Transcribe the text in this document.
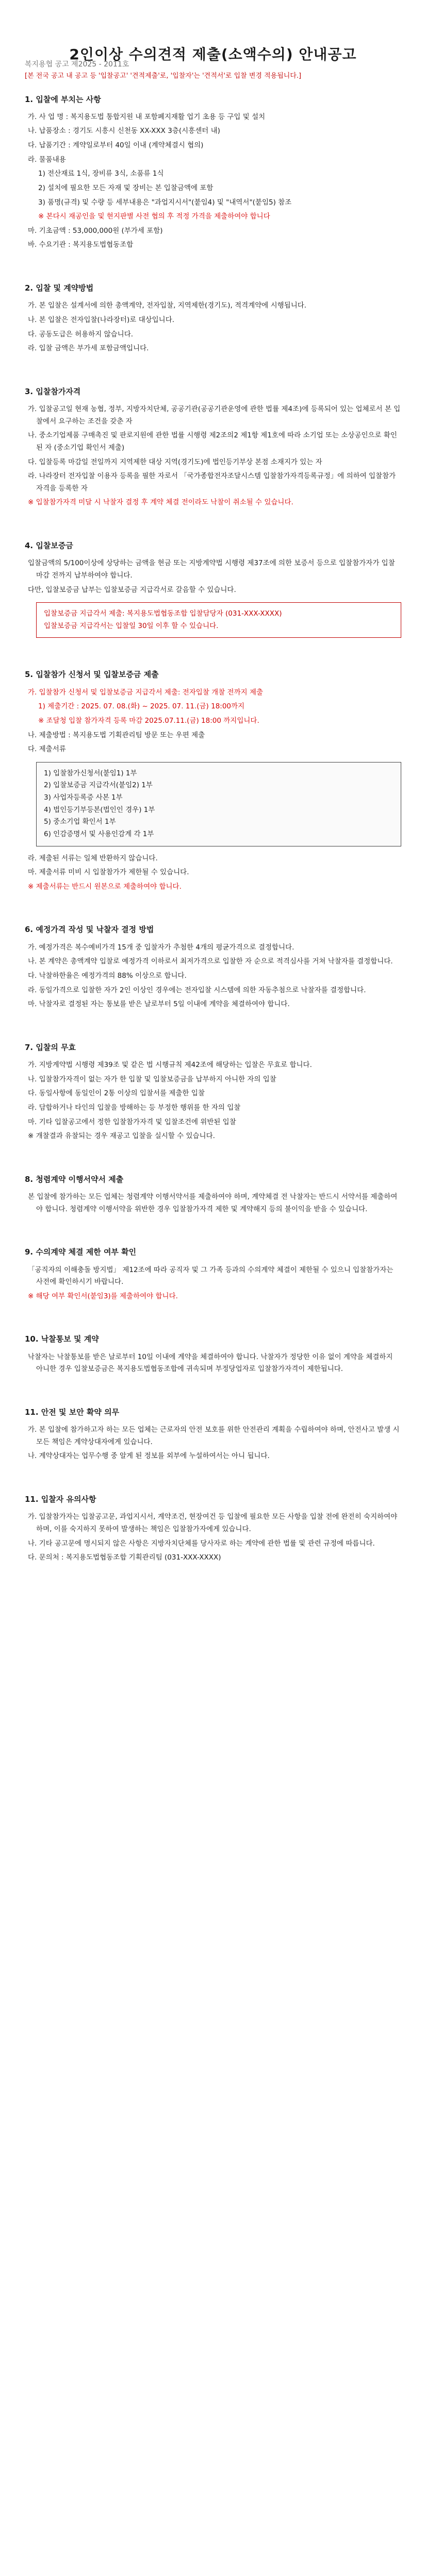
복지용협 공고 제2025 - 2011호
2인이상 수의견적 제출(소액수의) 안내공고
[본 전국 공고 내 공고 등 '입찰공고' '견적제출'로, '입찰자'는 '견적서'로 입찰 변경 적용됩니다.]
1. 입찰에 부치는 사항
가. 사 업 명 : 복지용도법 통합지원 내 포함폐지재활 업기 초용 등 구입 및 설치
나. 납품장소 : 경기도 시흥시 신천동 XX-XXX 3층(시흥센터 내)
다. 납품기간 : 계약일로부터 40일 이내 (계약체결시 협의)
라. 물품내용
1) 전산재료 1식, 장비류 3식, 소품류 1식
2) 설치에 필요한 모든 자재 및 장비는 본 입찰금액에 포함
3) 품명(규격) 및 수량 등 세부내용은 "과업지시서"(붙임4) 및 "내역서"(붙임5) 참조
※ 본다시 재공인을 및 현지판별 사전 협의 후 적정 가격을 제출하여야 합니다
마. 기초금액 : 53,000,000원 (부가세 포함)
바. 수요기관 : 복지용도법협동조합
2. 입찰 및 계약방법
가. 본 입찰은 설계서에 의한 총액계약, 전자입찰, 지역제한(경기도), 적격계약에 시행됩니다.
나. 본 입찰은 전자입찰(나라장터)로 대상입니다.
다. 공동도급은 허용하지 않습니다.
라. 입찰 금액은 부가세 포함금액입니다.
3. 입찰참가자격
가. 입찰공고일 현재 농협, 정부, 지방자치단체, 공공기관(공공기관운영에 관한 법률 제4조)에 등록되어 있는 업체로서 본 입찰에서 요구하는 조건을 갖춘 자
나. 중소기업제품 구매촉진 및 판로지원에 관한 법률 시행령 제2조의2 제1항 제1호에 따라 소기업 또는 소상공인으로 확인된 자 (중소기업 확인서 제출)
다. 입찰등록 마감일 전일까지 지역제한 대상 지역(경기도)에 법인등기부상 본점 소재지가 있는 자
라. 나라장터 전자입찰 이용자 등록을 필한 자로서 「국가종합전자조달시스템 입찰참가자격등록규정」에 의하여 입찰참가자격을 등록한 자
※ 입찰참가자격 미달 시 낙찰자 결정 후 계약 체결 전이라도 낙찰이 취소될 수 있습니다.
4. 입찰보증금
입찰금액의 5/100이상에 상당하는 금액을 현금 또는 지방계약법 시행령 제37조에 의한 보증서 등으로 입찰참가자가 입찰 마감 전까지 납부하여야 합니다.
다만, 입찰보증금 납부는 입찰보증금 지급각서로 갈음할 수 있습니다.
입찰보증금 지급각서 제출: 복지용도법협동조합 입찰담당자 (031-XXX-XXXX)
입찰보증금 지급각서는 입찰일 30일 이후 할 수 있습니다.
5. 입찰참가 신청서 및 입찰보증금 제출
가. 입찰참가 신청서 및 입찰보증금 지급각서 제출: 전자입찰 개찰 전까지 제출
1) 제출기간 : 2025. 07. 08.(화) ~ 2025. 07. 11.(금) 18:00까지
※ 조달청 입찰 참가자격 등록 마감 2025.07.11.(금) 18:00 까지입니다.
나. 제출방법 : 복지용도법 기획관리팀 방문 또는 우편 제출
다. 제출서류
1) 입찰참가신청서(붙임1) 1부
2) 입찰보증금 지급각서(붙임2) 1부
3) 사업자등록증 사본 1부
4) 법인등기부등본(법인인 경우) 1부
5) 중소기업 확인서 1부
6) 인감증명서 및 사용인감계 각 1부
라. 제출된 서류는 일체 반환하지 않습니다.
마. 제출서류 미비 시 입찰참가가 제한될 수 있습니다.
※ 제출서류는 반드시 원본으로 제출하여야 합니다.
6. 예정가격 작성 및 낙찰자 결정 방법
가. 예정가격은 복수예비가격 15개 중 입찰자가 추첨한 4개의 평균가격으로 결정합니다.
나. 본 계약은 총액계약 입찰로 예정가격 이하로서 최저가격으로 입찰한 자 순으로 적격심사를 거쳐 낙찰자를 결정합니다.
다. 낙찰하한율은 예정가격의 88% 이상으로 합니다.
라. 동일가격으로 입찰한 자가 2인 이상인 경우에는 전자입찰 시스템에 의한 자동추첨으로 낙찰자를 결정합니다.
마. 낙찰자로 결정된 자는 통보를 받은 날로부터 5일 이내에 계약을 체결하여야 합니다.
7. 입찰의 무효
가. 지방계약법 시행령 제39조 및 같은 법 시행규칙 제42조에 해당하는 입찰은 무효로 합니다.
나. 입찰참가자격이 없는 자가 한 입찰 및 입찰보증금을 납부하지 아니한 자의 입찰
다. 동일사항에 동일인이 2통 이상의 입찰서를 제출한 입찰
라. 담합하거나 타인의 입찰을 방해하는 등 부정한 행위를 한 자의 입찰
마. 기타 입찰공고에서 정한 입찰참가자격 및 입찰조건에 위반된 입찰
※ 개찰결과 유찰되는 경우 재공고 입찰을 실시할 수 있습니다.
8. 청렴계약 이행서약서 제출
본 입찰에 참가하는 모든 업체는 청렴계약 이행서약서를 제출하여야 하며, 계약체결 전 낙찰자는 반드시 서약서를 제출하여야 합니다. 청렴계약 이행서약을 위반한 경우 입찰참가자격 제한 및 계약해지 등의 불이익을 받을 수 있습니다.
9. 수의계약 체결 제한 여부 확인
「공직자의 이해충돌 방지법」 제12조에 따라 공직자 및 그 가족 등과의 수의계약 체결이 제한될 수 있으니 입찰참가자는 사전에 확인하시기 바랍니다.
※ 해당 여부 확인서(붙임3)를 제출하여야 합니다.
10. 낙찰통보 및 계약
낙찰자는 낙찰통보를 받은 날로부터 10일 이내에 계약을 체결하여야 합니다. 낙찰자가 정당한 이유 없이 계약을 체결하지 아니한 경우 입찰보증금은 복지용도법협동조합에 귀속되며 부정당업자로 입찰참가자격이 제한됩니다.
11. 안전 및 보안 확약 의무
가. 본 입찰에 참가하고자 하는 모든 업체는 근로자의 안전 보호를 위한 안전관리 계획을 수립하여야 하며, 안전사고 발생 시 모든 책임은 계약상대자에게 있습니다.
나. 계약상대자는 업무수행 중 알게 된 정보를 외부에 누설하여서는 아니 됩니다.
11. 입찰자 유의사항
가. 입찰참가자는 입찰공고문, 과업지시서, 계약조건, 현장여건 등 입찰에 필요한 모든 사항을 입찰 전에 완전히 숙지하여야 하며, 이를 숙지하지 못하여 발생하는 책임은 입찰참가자에게 있습니다.
나. 기타 공고문에 명시되지 않은 사항은 지방자치단체를 당사자로 하는 계약에 관한 법률 및 관련 규정에 따릅니다.
다. 문의처 : 복지용도법협동조합 기획관리팀 (031-XXX-XXXX)
